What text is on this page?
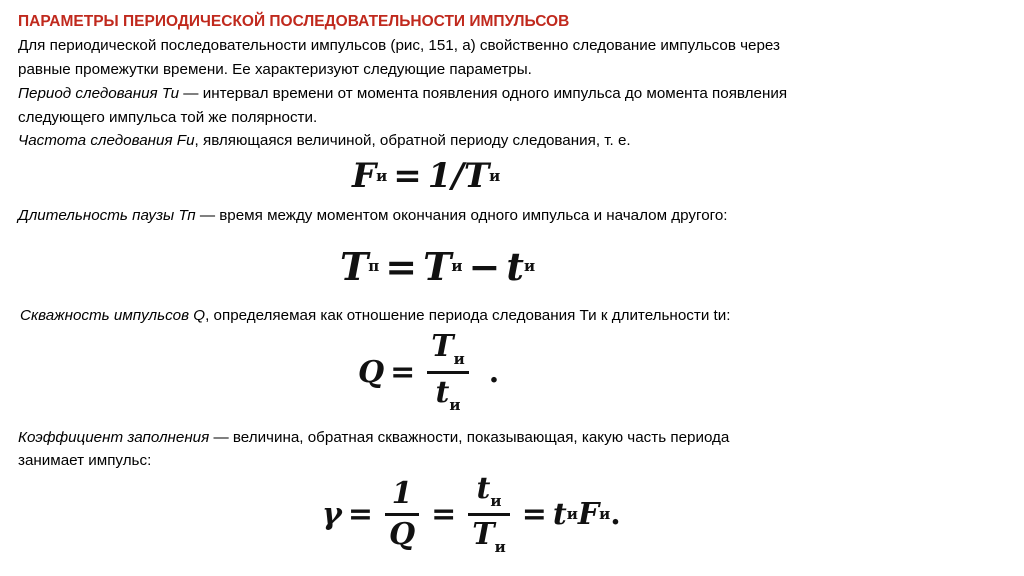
ПАРАМЕТРЫ ПЕРИОДИЧЕСКОЙ ПОСЛЕДОВАТЕЛЬНОСТИ ИМПУЛЬСОВ
Для периодической последовательности импульсов (рис, 151, а) свойственно следование импульсов через
равные промежутки времени. Ее характеризуют следующие параметры.
Период следования Ти — интервал времени от момента появления одного импульса до момента появления
следующего импульса той же полярности.
Частота следования Fи, являющаяся величиной, обратной периоду следования, т. е.
F и = 1/T и
Длительность паузы Тп — время между моментом окончания одного импульса и началом другого:
T п = T и − t и
Скважность импульсов Q, определяемая как отношение периода следования Ти к длительности tи:
$Q = \frac{T_и}{t_и}$ .
Коэффициент заполнения — величина, обратная скважности, показывающая, какую часть периода
занимает импульс:
$\gamma = \frac{1}{Q} = \frac{t_и}{T_и} = t$ и F и .
